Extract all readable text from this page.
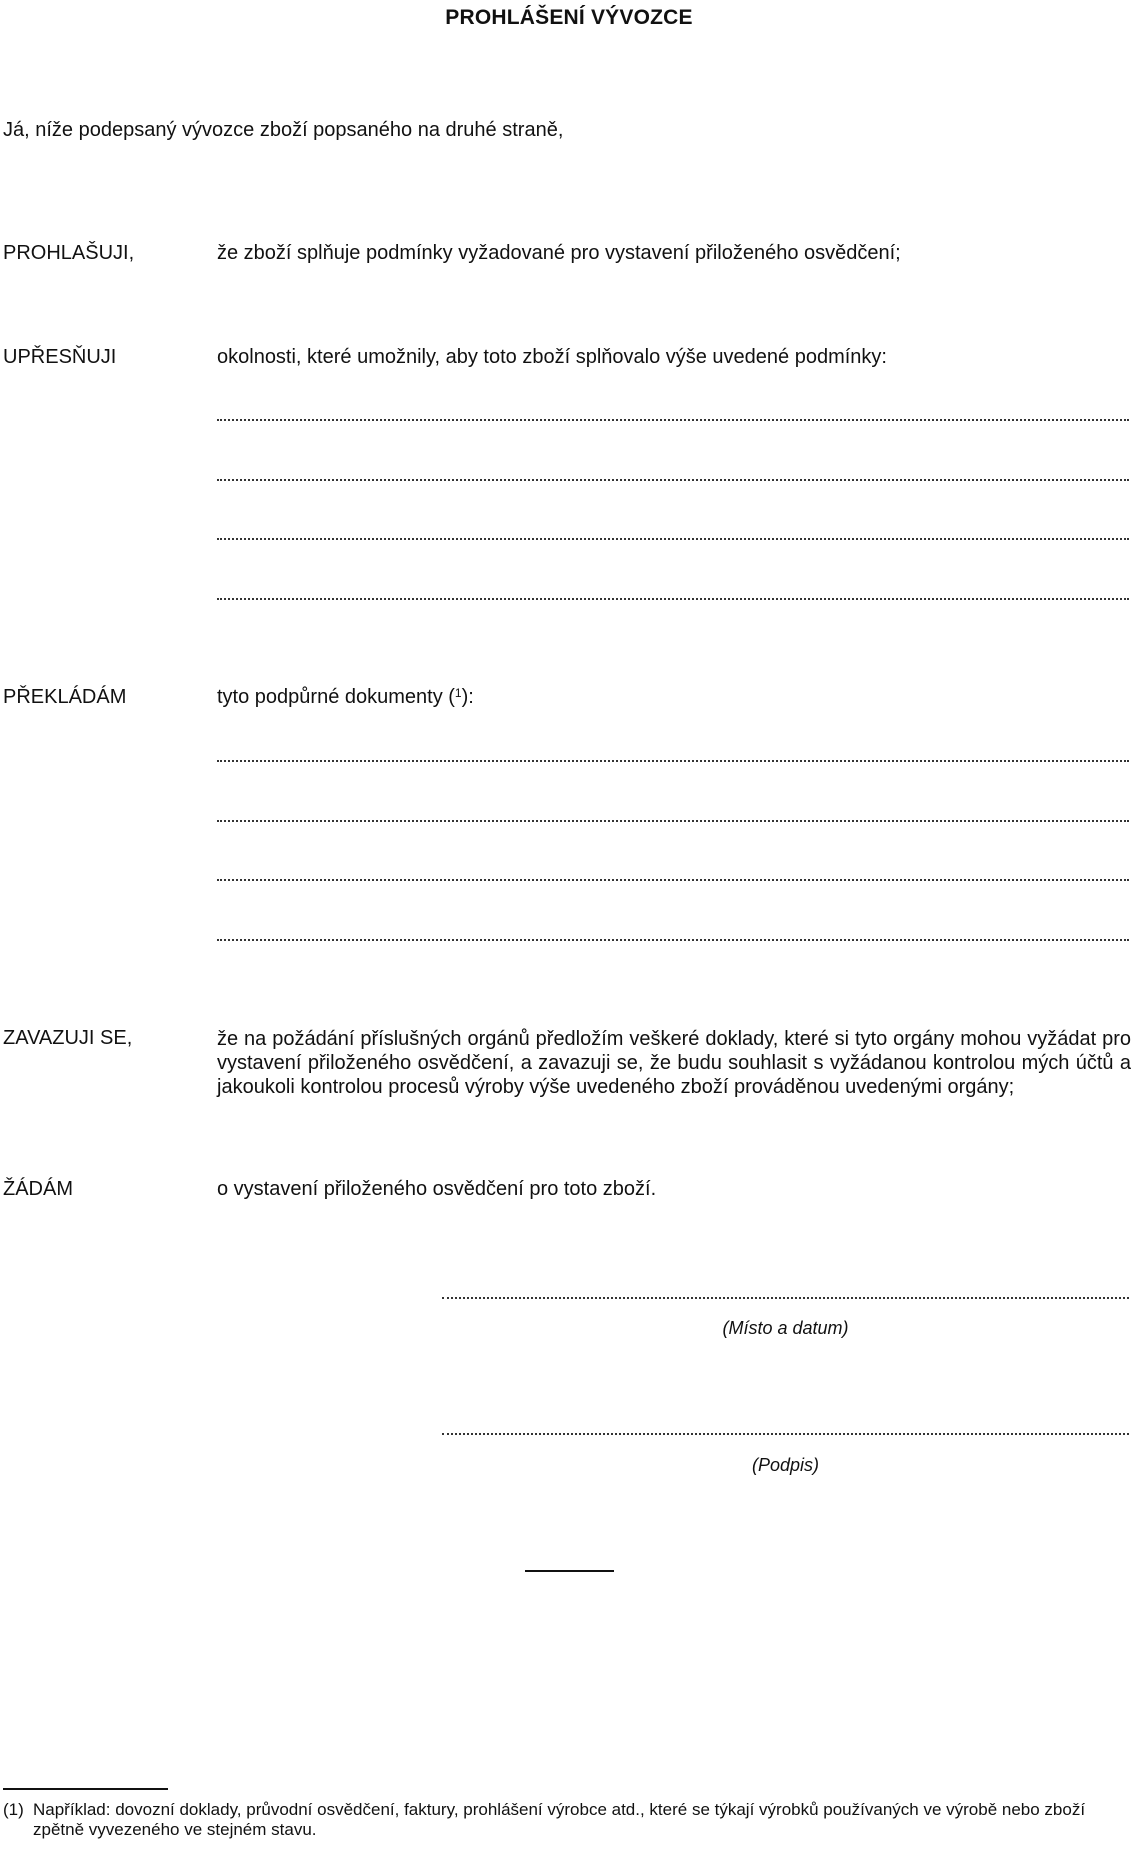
PROHLÁŠENÍ VÝVOZCE
Já, níže podepsaný vývozce zboží popsaného na druhé straně,
PROHLAŠUJI,	že zboží splňuje podmínky vyžadované pro vystavení přiloženého osvědčení;
UPŘESŇUJI	okolnosti, které umožnily, aby toto zboží splňovalo výše uvedené podmínky:
PŘEKLÁDÁM	tyto podpůrné dokumenty ($^1$):
ZAVAZUJI SE,	že na požádání příslušných orgánů předložím veškeré doklady, které si tyto orgány mohou vyžádat pro vystavení přiloženého osvědčení, a zavazuji se, že budu souhlasit s vyžádanou kontrolou mých účtů a jakoukoli kontrolou procesů výroby výše uvedeného zboží prováděnou uvedenými orgány;
ŽÁDÁM	o vystavení přiloženého osvědčení pro toto zboží.
(Místo a datum)
(Podpis)
(1) Například: dovozní doklady, průvodní osvědčení, faktury, prohlášení výrobce atd., které se týkají výrobků používaných ve výrobě nebo zboží zpětně vyvezeného ve stejném stavu.
